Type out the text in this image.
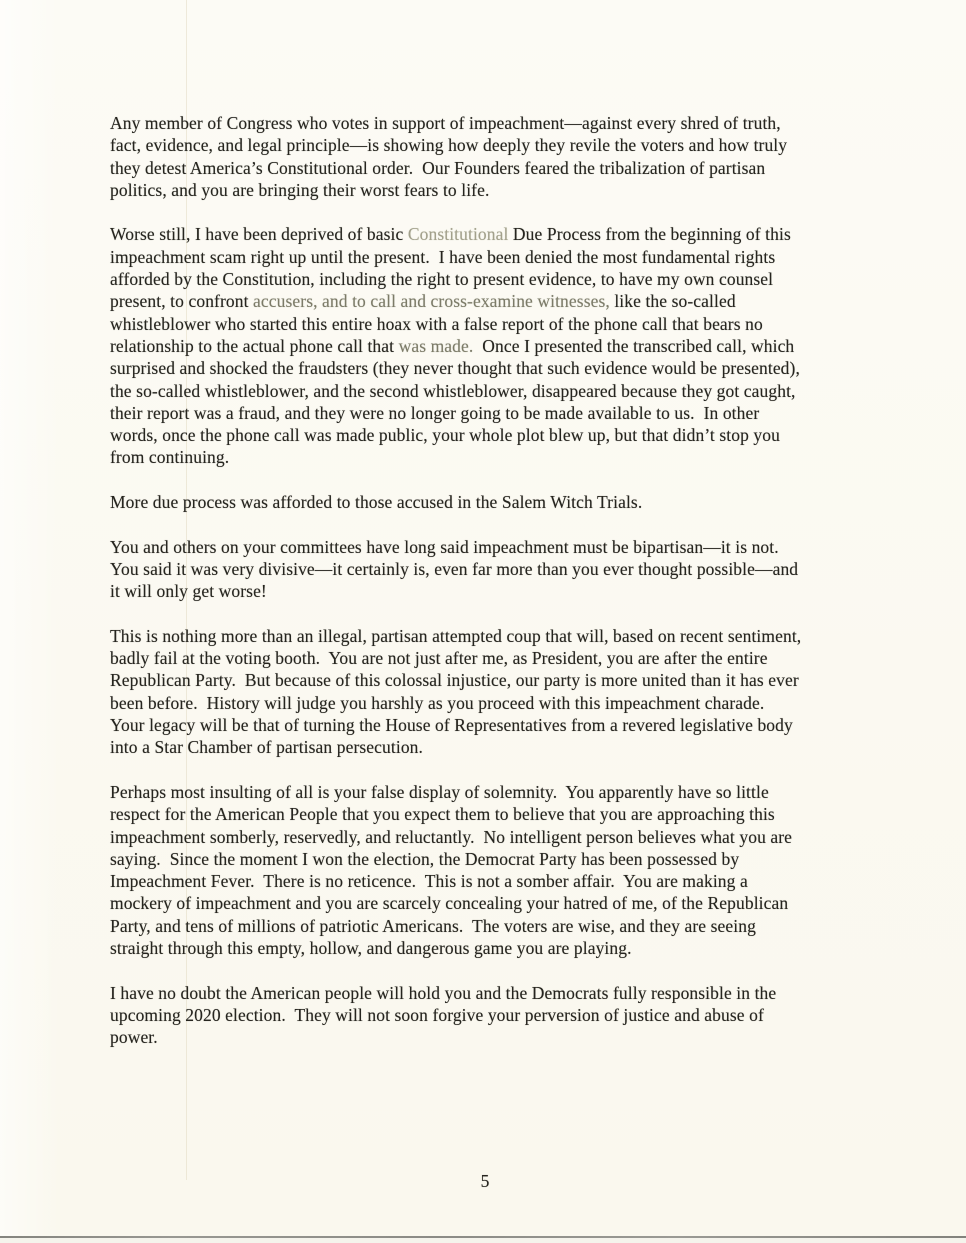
Any member of Congress who votes in support of impeachment—against every shred of truth,
fact, evidence, and legal principle—is showing how deeply they revile the voters and how truly
they detest America’s Constitutional order.  Our Founders feared the tribalization of partisan
politics, and you are bringing their worst fears to life.
Worse still, I have been deprived of basic Constitutional Due Process from the beginning of this
impeachment scam right up until the present.  I have been denied the most fundamental rights
afforded by the Constitution, including the right to present evidence, to have my own counsel
present, to confront accusers, and to call and cross-examine witnesses, like the so-called
whistleblower who started this entire hoax with a false report of the phone call that bears no
relationship to the actual phone call that was made.  Once I presented the transcribed call, which
surprised and shocked the fraudsters (they never thought that such evidence would be presented),
the so-called whistleblower, and the second whistleblower, disappeared because they got caught,
their report was a fraud, and they were no longer going to be made available to us.  In other
words, once the phone call was made public, your whole plot blew up, but that didn’t stop you
from continuing.
More due process was afforded to those accused in the Salem Witch Trials.
You and others on your committees have long said impeachment must be bipartisan—it is not.
You said it was very divisive—it certainly is, even far more than you ever thought possible—and
it will only get worse!
This is nothing more than an illegal, partisan attempted coup that will, based on recent sentiment,
badly fail at the voting booth.  You are not just after me, as President, you are after the entire
Republican Party.  But because of this colossal injustice, our party is more united than it has ever
been before.  History will judge you harshly as you proceed with this impeachment charade.
Your legacy will be that of turning the House of Representatives from a revered legislative body
into a Star Chamber of partisan persecution.
Perhaps most insulting of all is your false display of solemnity.  You apparently have so little
respect for the American People that you expect them to believe that you are approaching this
impeachment somberly, reservedly, and reluctantly.  No intelligent person believes what you are
saying.  Since the moment I won the election, the Democrat Party has been possessed by
Impeachment Fever.  There is no reticence.  This is not a somber affair.  You are making a
mockery of impeachment and you are scarcely concealing your hatred of me, of the Republican
Party, and tens of millions of patriotic Americans.  The voters are wise, and they are seeing
straight through this empty, hollow, and dangerous game you are playing.
I have no doubt the American people will hold you and the Democrats fully responsible in the
upcoming 2020 election.  They will not soon forgive your perversion of justice and abuse of
power.
5
